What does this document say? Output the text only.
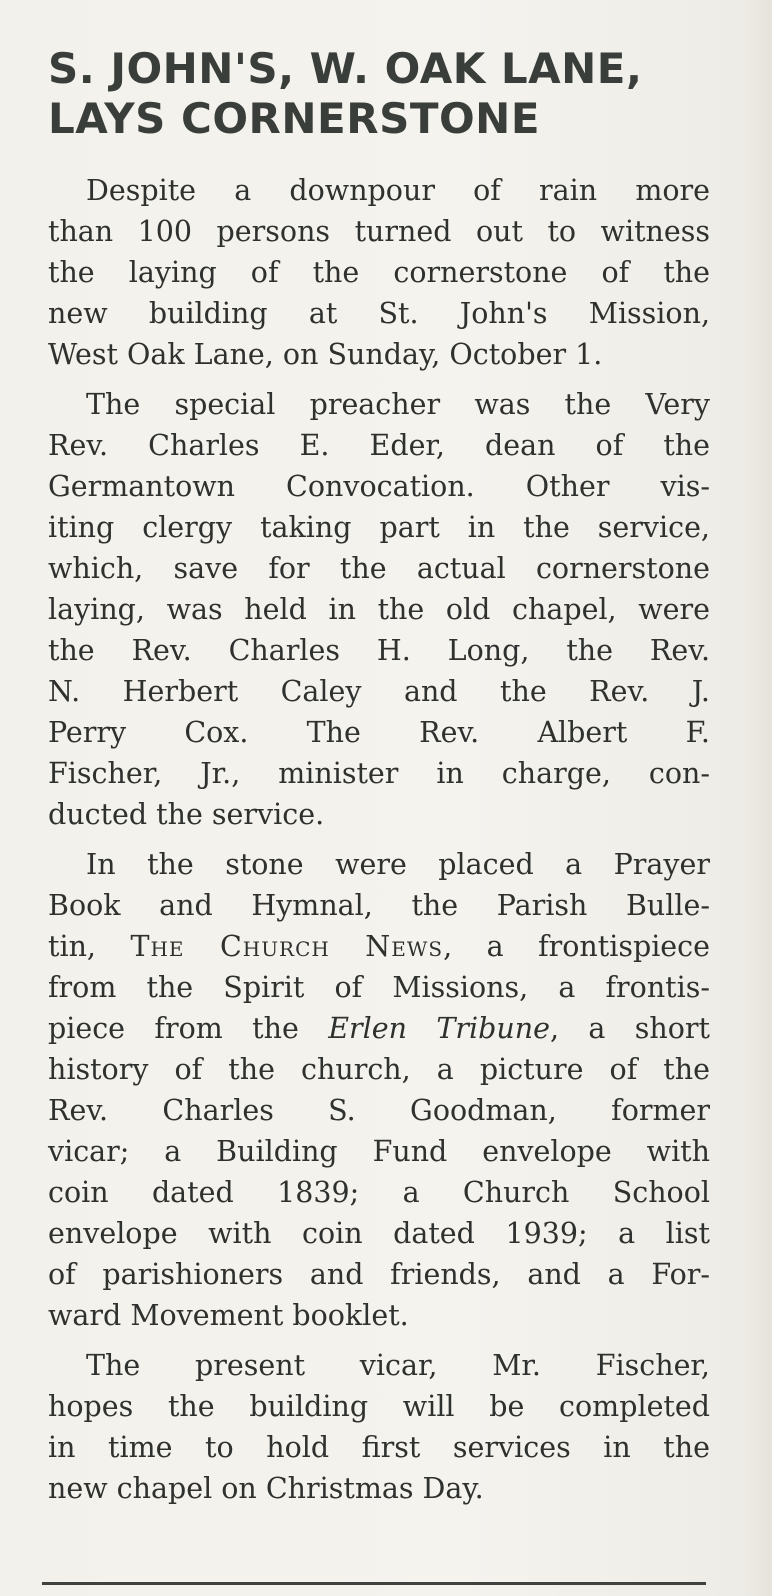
S. JOHN'S, W. OAK LANE,
LAYS CORNERSTONE
Despite a downpour of rain more
than 100 persons turned out to witness
the laying of the cornerstone of the
new building at St. John's Mission,
West Oak Lane, on Sunday, October 1.
The special preacher was the Very
Rev. Charles E. Eder, dean of the
Germantown Convocation. Other vis-
iting clergy taking part in the service,
which, save for the actual cornerstone
laying, was held in the old chapel, were
the Rev. Charles H. Long, the Rev.
N. Herbert Caley and the Rev. J.
Perry Cox. The Rev. Albert F.
Fischer, Jr., minister in charge, con-
ducted the service.
In the stone were placed a Prayer
Book and Hymnal, the Parish Bulle-
tin, The Church News, a frontispiece
from the Spirit of Missions, a frontis-
piece from the Erlen Tribune, a short
history of the church, a picture of the
Rev. Charles S. Goodman, former
vicar; a Building Fund envelope with
coin dated 1839; a Church School
envelope with coin dated 1939; a list
of parishioners and friends, and a For-
ward Movement booklet.
The present vicar, Mr. Fischer,
hopes the building will be completed
in time to hold first services in the
new chapel on Christmas Day.
